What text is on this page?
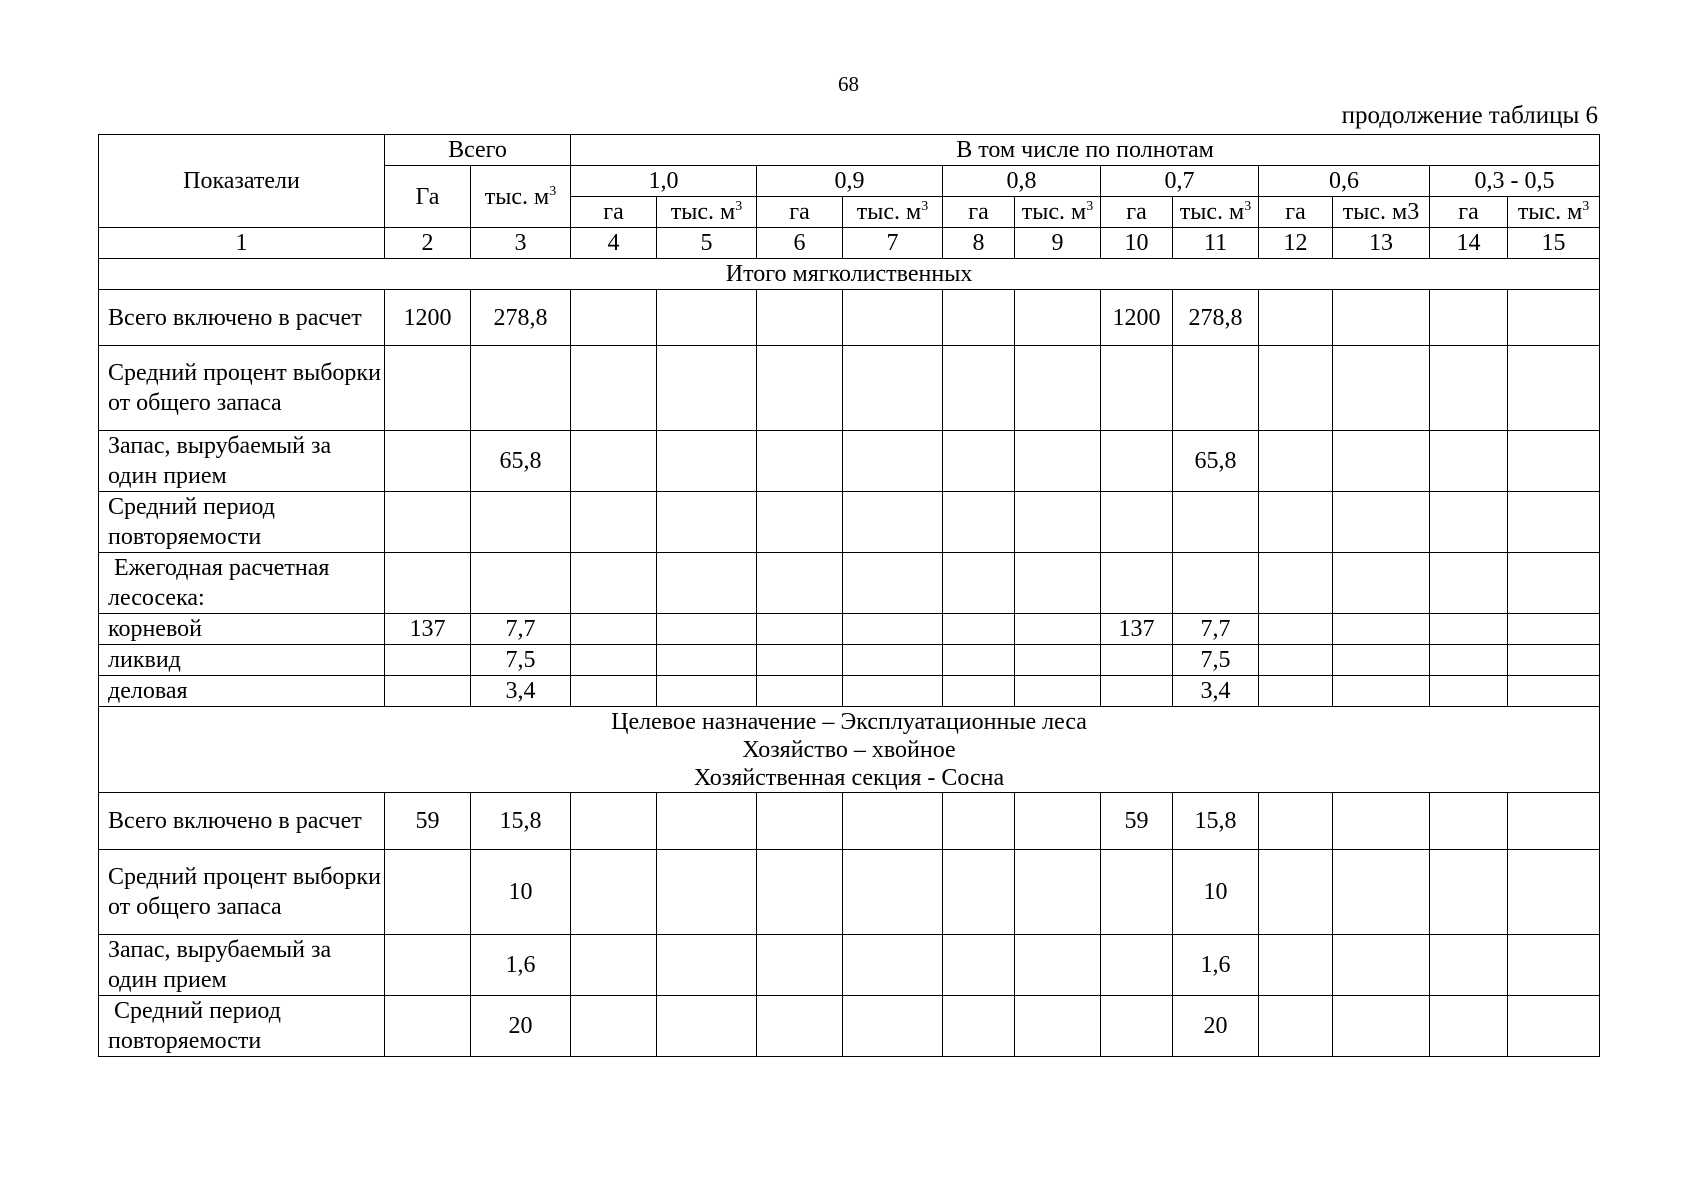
68
продолжение таблицы 6
Показатели	Всего		В том числе по полнотам											
	Га	тыс. $м^3$	1,0		0,9		0,8		0,7		0,6		0,3 - 0,5	
			га	тыс. $м^3$	га	тыс. $м^3$	га	тыс. $м^3$	га	тыс. $м^3$	га	тыс. м3	га	тыс. $м^3$
1	2	3	4	5	6	7	8	9	10	11	12	13	14	15
Итого мягколиственных														
Всего включено в расчет	1200	278,8							1200	278,8				
Средний процент выборки от общего запаса														
Запас, вырубаемый за один прием		65,8								65,8				
Средний период повторяемости														
Ежегодная расчетная лесосека:														
корневой	137	7,7							137	7,7				
ликвид		7,5								7,5				
деловая		3,4								3,4				

Целевое назначение – Эксплуатационные леса
Хозяйство – хвойное
Хозяйственная секция - Сосна														

Всего включено в расчет	59	15,8							59	15,8				
Средний процент выборки от общего запаса		10								10				
Запас, вырубаемый за один прием		1,6								1,6				
Средний период повторяемости		20								20				
